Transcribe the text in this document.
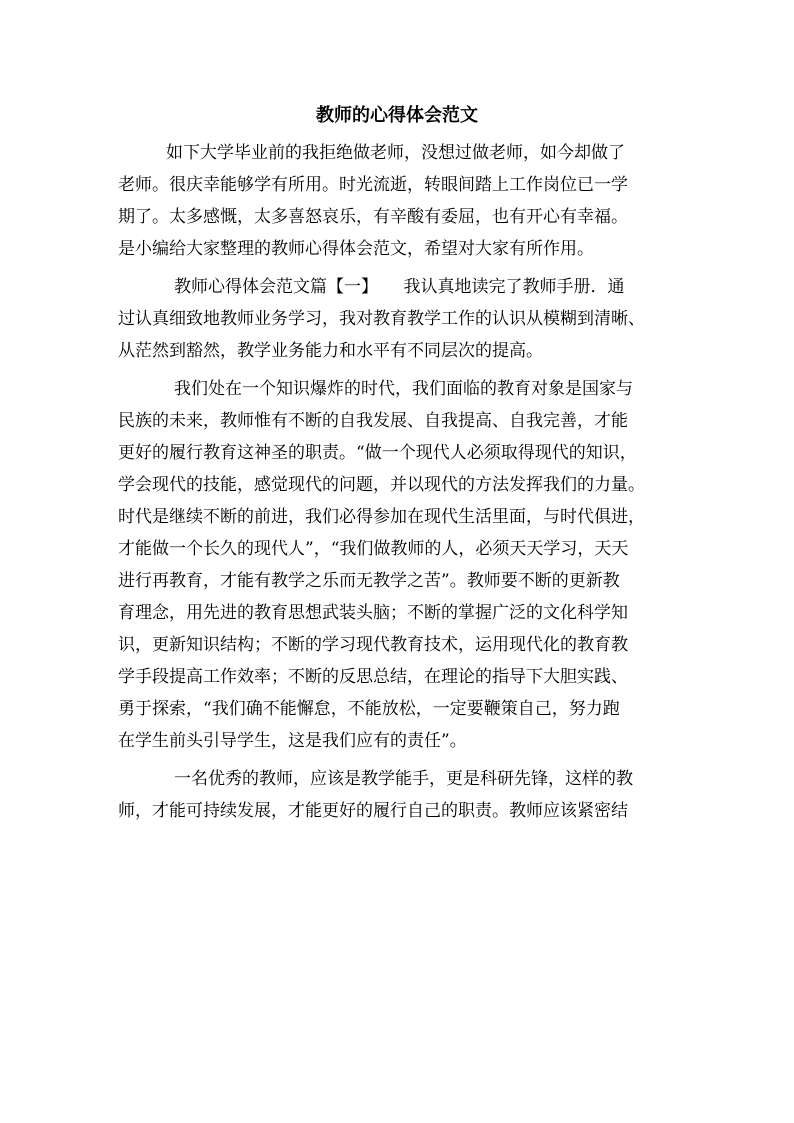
教师的心得体会范文
如下大学毕业前的我拒绝做老师，没想过做老师，如今却做了
老师。很庆幸能够学有所用。时光流逝，转眼间踏上工作岗位已一学
期了。太多感慨，太多喜怒哀乐，有辛酸有委屈，也有开心有幸福。
是小编给大家整理的教师心得体会范文，希望对大家有所作用。
教师心得体会范文篇【一】　　我认真地读完了教师手册．通
过认真细致地教师业务学习，我对教育教学工作的认识从模糊到清晰、
从茫然到豁然，教学业务能力和水平有不同层次的提高。
我们处在一个知识爆炸的时代，我们面临的教育对象是国家与
民族的未来，教师惟有不断的自我发展、自我提高、自我完善，才能
更好的履行教育这神圣的职责。“做一个现代人必须取得现代的知识，
学会现代的技能，感觉现代的问题，并以现代的方法发挥我们的力量。
时代是继续不断的前进，我们必得参加在现代生活里面，与时代俱进，
才能做一个长久的现代人”，“我们做教师的人，必须天天学习，天天
进行再教育，才能有教学之乐而无教学之苦”。教师要不断的更新教
育理念，用先进的教育思想武装头脑；不断的掌握广泛的文化科学知
识，更新知识结构；不断的学习现代教育技术，运用现代化的教育教
学手段提高工作效率；不断的反思总结，在理论的指导下大胆实践、
勇于探索，“我们确不能懈怠，不能放松，一定要鞭策自己，努力跑
在学生前头引导学生，这是我们应有的责任”。
一名优秀的教师，应该是教学能手，更是科研先锋，这样的教
师，才能可持续发展，才能更好的履行自己的职责。教师应该紧密结
